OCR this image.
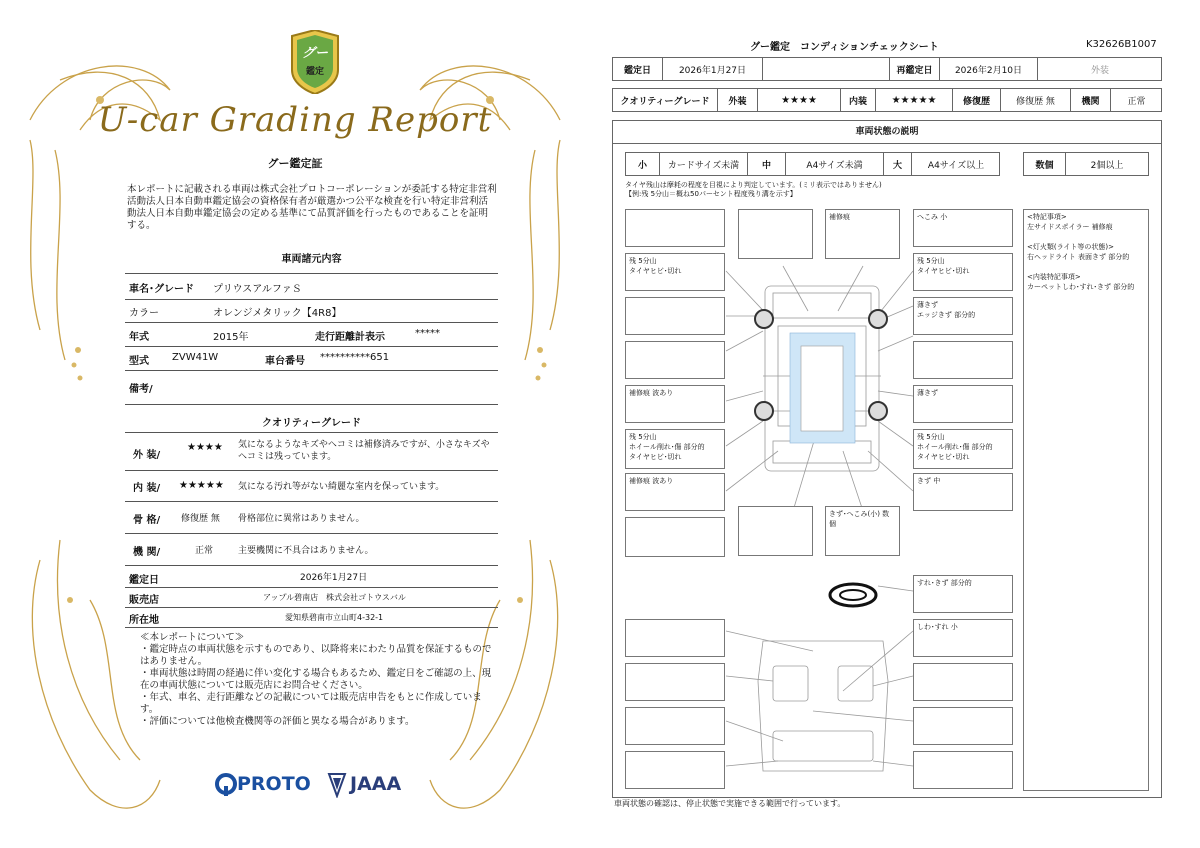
グー
鑑定
U-car Grading Report
グー鑑定証
本レポートに記載される車両は株式会社プロトコーポレーションが委託する特定非営利活動法人日本自動車鑑定協会の資格保有者が厳選かつ公平な検査を行い特定非営利活動法人日本自動車鑑定協会の定める基準にて品質評価を行ったものであることを証明する。
車両諸元内容
車名･グレード プリウスアルファＳ
カラー	オレンジメタリック【4R8】
年式	2015年	走行距離計表示	*****
型式 ZVW41W	車台番号 **********651
備考/
クオリティーグレード
外 装/
★★★★ 気になるようなキズやヘコミは補修済みですが、小さなキズやヘコミは残っています。
内 装/ ★★★★★ 気になる汚れ等がない綺麗な室内を保っています。
骨 格/ 修復歴 無 骨格部位に異常はありません。
機 関/	正常	主要機関に不具合はありません。
鑑定日	2026年1月27日
販売店	アップル碧南店　株式会社ゴトウスバル
所在地	愛知県碧南市立山町4-32-1
≪本レポートについて≫
・鑑定時点の車両状態を示すものであり、以降将来にわたり品質を保証するものではありません。
・車両状態は時間の経過に伴い変化する場合もあるため、鑑定日をご確認の上、現在の車両状態については販売店にお問合せください。
・年式、車名、走行距離などの記載については販売店申告をもとに作成しています。
・評価については他検査機関等の評価と異なる場合があります。
PROTO JAAA
グー鑑定　コンディションチェックシート	K32626B1007
鑑定日	2026年1月27日	再鑑定日	2026年2月10日	外装
クオリティーグレード	外装	★★★★	内装	★★★★★	修復歴	修復歴 無	機関	正常
車両状態の説明
小	カードサイズ未満	中	A4サイズ未満	大	A4サイズ以上	数個	2個以上
タイヤ残山は摩耗の程度を目視により判定しています。(ミリ表示ではありません)
【例:残 5分山＝概ね50パーセント程度残り溝を示す】
補修痕	へこみ 小
残 5分山
タイヤヒビ･切れ
残 5分山
タイヤヒビ･切れ
薄きず
エッジきず 部分的
補修痕 波あり	薄きず
残 5分山
ホイール削れ･傷 部分的
タイヤヒビ･切れ
残 5分山
ホイール削れ･傷 部分的
タイヤヒビ･切れ
補修痕 波あり	きず 中
きず･へこみ(小) 数個
すれ･きず 部分的
しわ･すれ 小
<特記事項>
左サイドスポイラー 補修痕
<灯火類(ライト等の状態)>
右ヘッドライト 表面きず 部分的
<内装特記事項>
カーペットしわ･すれ･きず 部分的
車両状態の確認は、停止状態で実施できる範囲で行っています。
